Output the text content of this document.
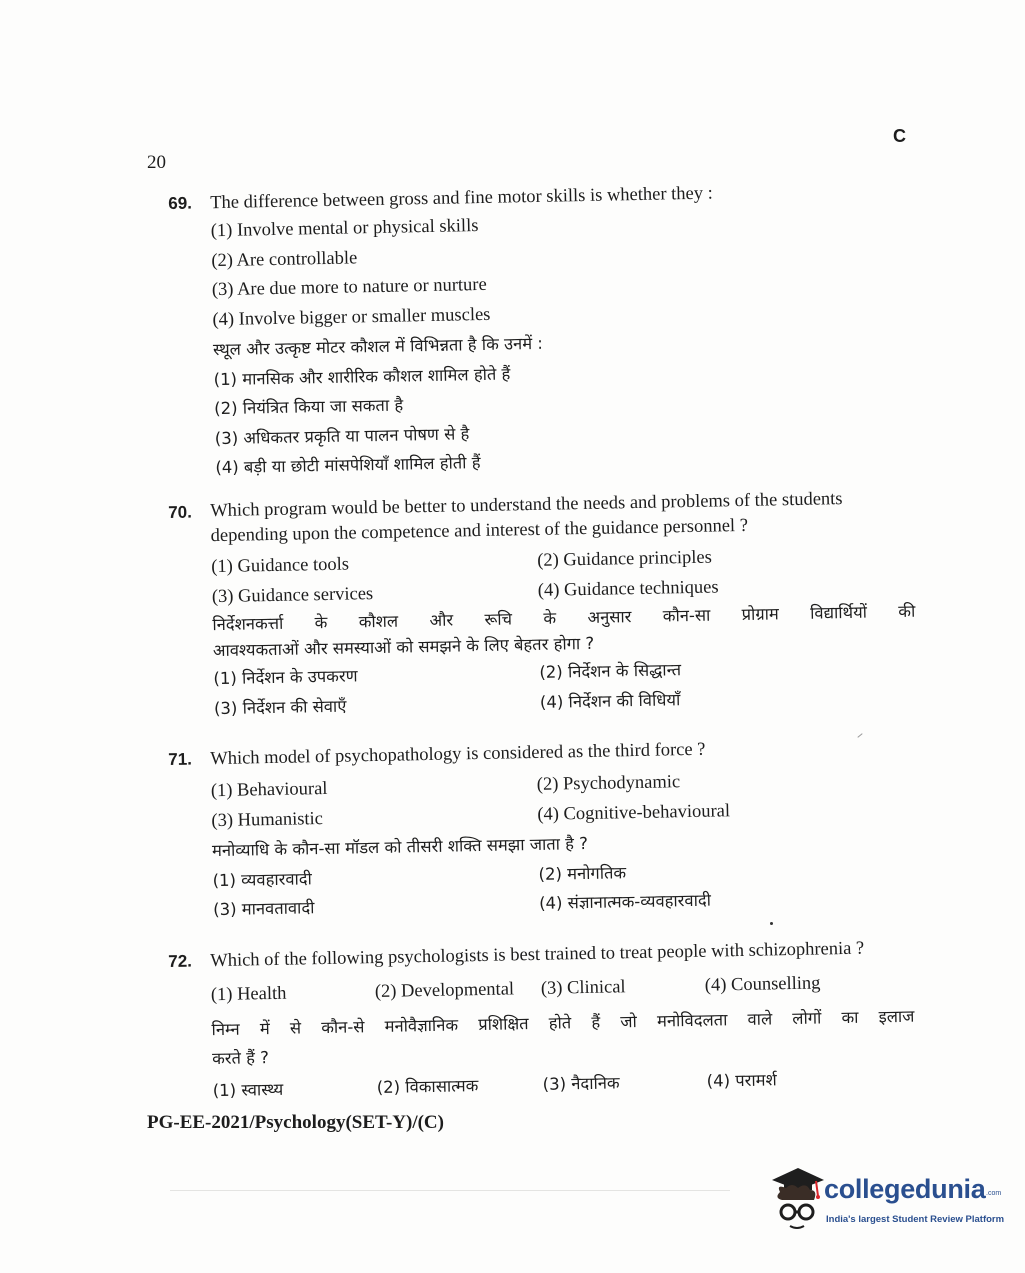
C
20
69. The difference between gross and fine motor skills is whether they :
(1) Involve mental or physical skills
(2) Are controllable
(3) Are due more to nature or nurture
(4) Involve bigger or smaller muscles
स्थूल और उत्कृष्ट मोटर कौशल में विभिन्नता है कि उनमें :
(1) मानसिक और शारीरिक कौशल शामिल होते हैं
(2) नियंत्रित किया जा सकता है
(3) अधिकतर प्रकृति या पालन पोषण से है
(4) बड़ी या छोटी मांसपेशियाँ शामिल होती हैं
70. Which program would be better to understand the needs and problems of the students depending upon the competence and interest of the guidance personnel ?
(1) Guidance tools	(2) Guidance principles
(3) Guidance services	(4) Guidance techniques
निर्देशनकर्त्ता के कौशल और रूचि के अनुसार कौन-सा प्रोग्राम विद्यार्थियों की
आवश्यकताओं और समस्याओं को समझने के लिए बेहतर होगा ?
(1) निर्देशन के उपकरण	(2) निर्देशन के सिद्धान्त
(3) निर्देशन की सेवाएँ	(4) निर्देशन की विधियाँ
71. Which model of psychopathology is considered as the third force ?
(1) Behavioural	(2) Psychodynamic
(3) Humanistic	(4) Cognitive-behavioural
मनोव्याधि के कौन-सा मॉडल को तीसरी शक्ति समझा जाता है ?
(1) व्यवहारवादी	(2) मनोगतिक
(3) मानवतावादी	(4) संज्ञानात्मक-व्यवहारवादी
72. Which of the following psychologists is best trained to treat people with schizophrenia ?
(1) Health	(2) Developmental	(3) Clinical	(4) Counselling
निम्न में से कौन-से मनोवैज्ञानिक प्रशिक्षित होते हैं जो मनोविदलता वाले लोगों का इलाज
करते हैं ?
(1) स्वास्थ्य	(2) विकासात्मक	(3) नैदानिक	(4) परामर्श
PG-EE-2021/Psychology(SET-Y)/(C)
collegedunia .com
India's largest Student Review Platform
